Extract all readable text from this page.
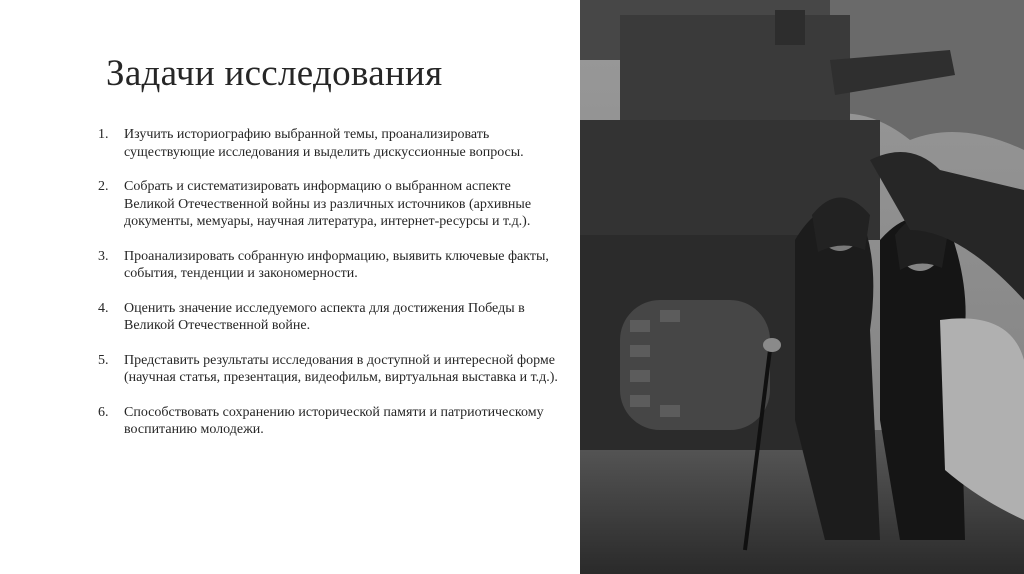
Задачи исследования
1.	Изучить историографию выбранной темы, проанализировать существующие исследования и выделить дискуссионные вопросы.
2.	Собрать и систематизировать информацию о выбранном аспекте Великой Отечественной войны из различных источников (архивные документы, мемуары, научная литература, интернет-ресурсы и т.д.).
3.	Проанализировать собранную информацию, выявить ключевые факты, события, тенденции и закономерности.
4.	Оценить значение исследуемого аспекта для достижения Победы в Великой Отечественной войне.
5.	Представить результаты исследования в доступной и интересной форме (научная статья, презентация, видеофильм, виртуальная выставка и т.д.).
6.	Способствовать сохранению исторической памяти и патриотическому воспитанию молодежи.
